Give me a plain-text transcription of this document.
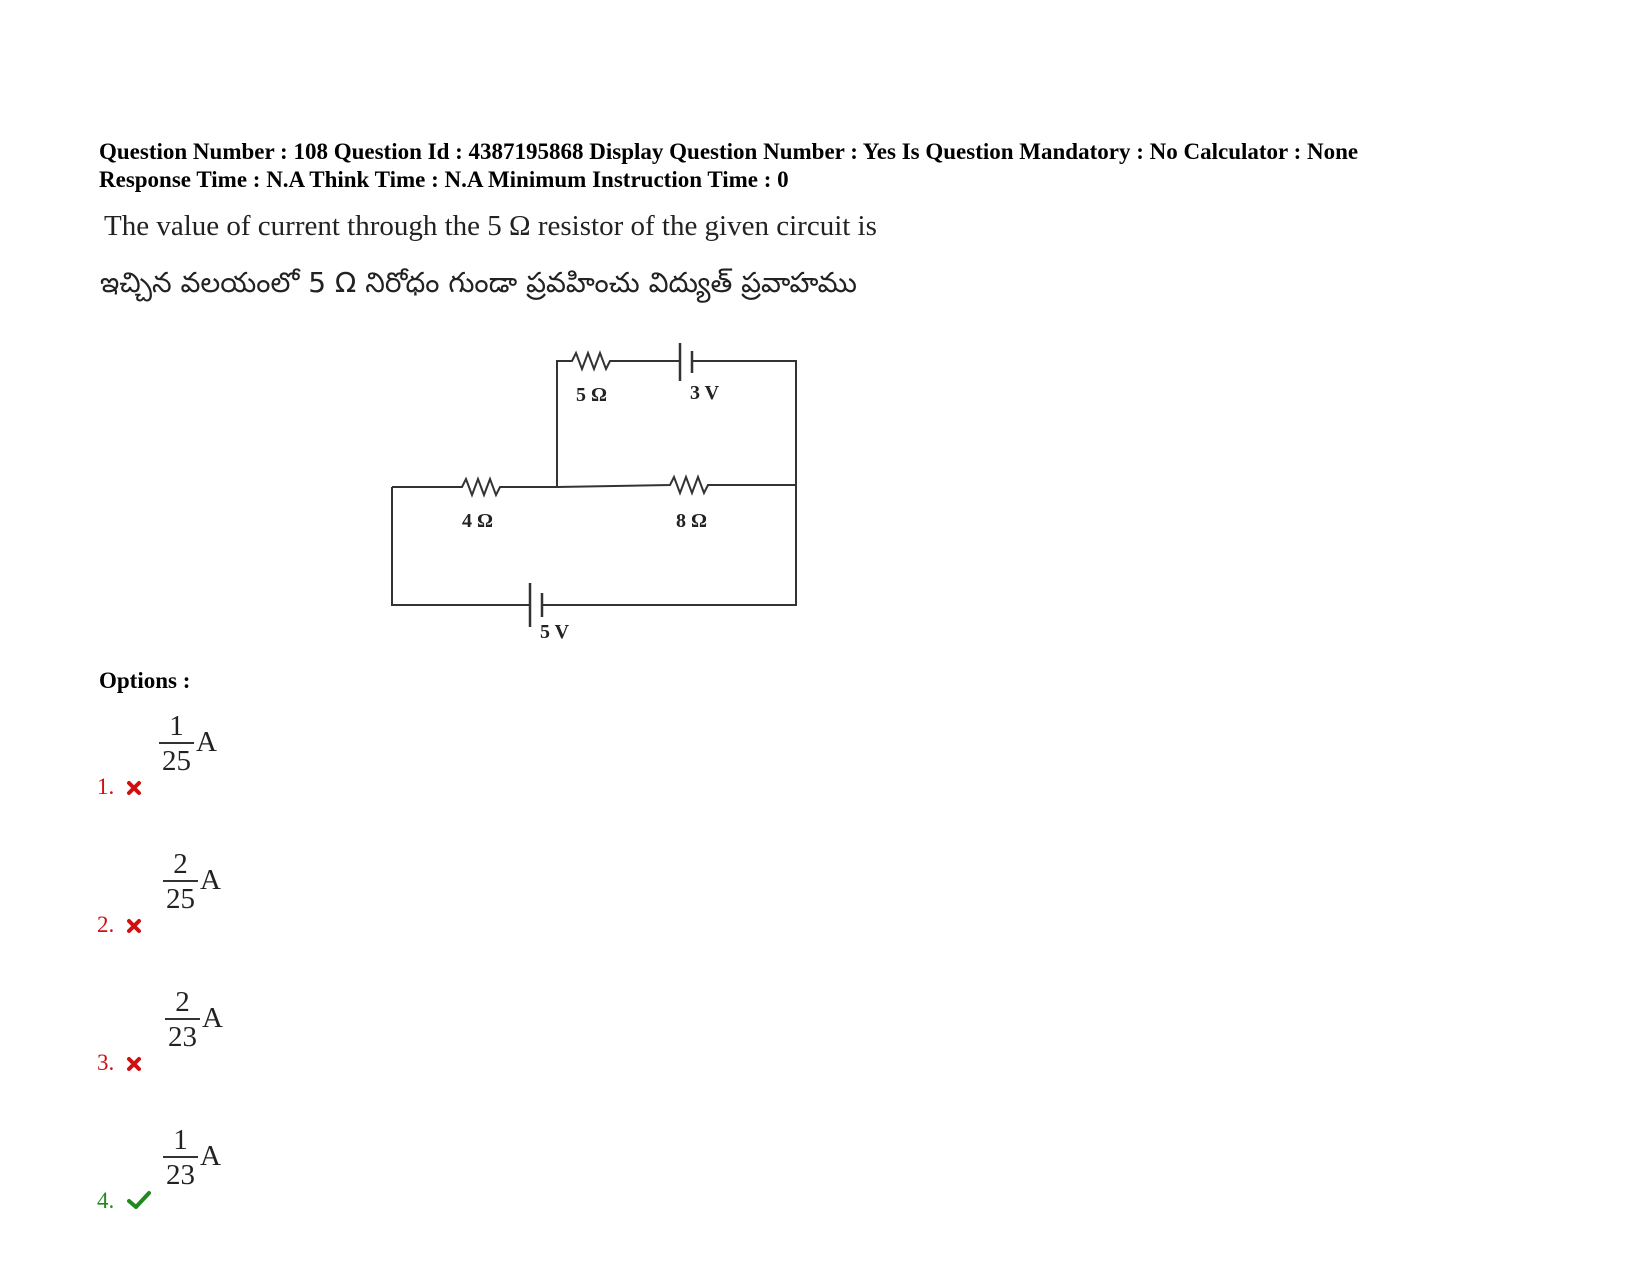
Question Number : 108 Question Id : 4387195868 Display Question Number : Yes Is Question Mandatory : No Calculator : None
Response Time : N.A Think Time : N.A Minimum Instruction Time : 0
The value of current through the 5 Ω resistor of the given circuit is
ఇచ్చిన వలయంలో 5 Ω నిరోధం గుండా ప్రవహించు విద్యుత్ ప్రవాహము
5 Ω	3 V
4 Ω	8 Ω
5 V
Options :
1.
$\frac{1}{25}$ A
2.
$\frac{2}{25}$ A
3.
$\frac{2}{23}$ A
4.
$\frac{1}{23}$ A
